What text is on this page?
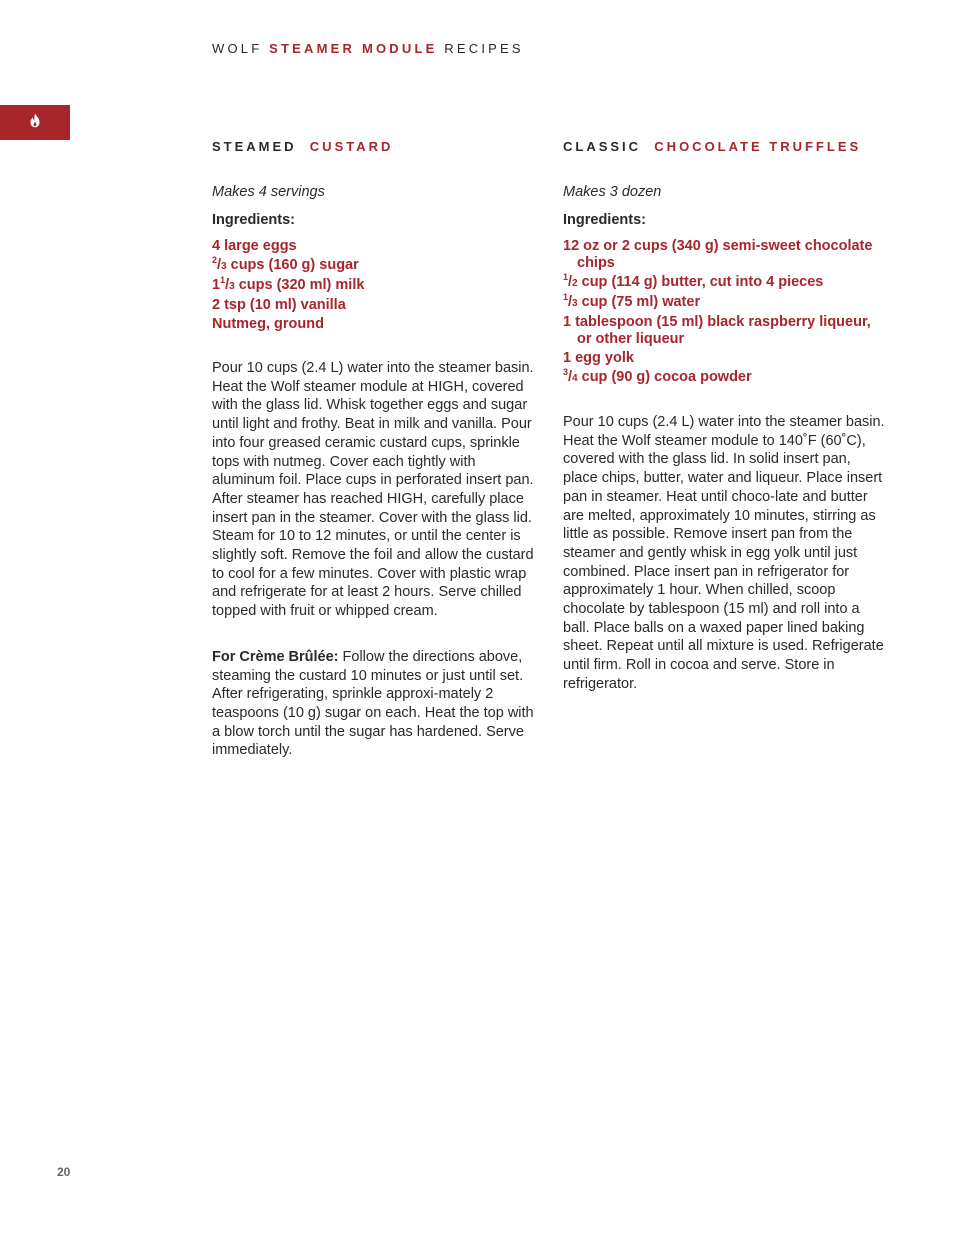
WOLF STEAMER MODULE RECIPES
STEAMED CUSTARD
Makes 4 servings
Ingredients:
4 large eggs
$^2$/3 cups (160 g) sugar
$1^1/3$ cups (320 ml) milk
2 tsp (10 ml) vanilla
Nutmeg, ground

Pour 10 cups (2.4 L) water into the steamer basin. Heat the Wolf steamer module at HIGH, covered with the glass lid. Whisk together eggs and sugar until light and frothy. Beat in milk and vanilla. Pour into four greased ceramic custard cups, sprinkle tops with nutmeg. Cover each tightly with aluminum foil. Place cups in perforated insert pan. After steamer has reached HIGH, carefully place insert pan in the steamer. Cover with the glass lid. Steam for 10 to 12 minutes, or until the center is slightly soft. Remove the foil and allow the custard to cool for a few minutes. Cover with plastic wrap and refrigerate for at least 2 hours. Serve chilled topped with fruit or whipped cream.

For Crème Brûlée: Follow the directions above, steaming the custard 10 minutes or just until set. After refrigerating, sprinkle approxi-mately 2 teaspoons (10 g) sugar on each. Heat the top with a blow torch until the sugar has hardened. Serve immediately.

CLASSIC CHOCOLATE TRUFFLES
Makes 3 dozen
Ingredients:
12 oz or 2 cups (340 g) semi-sweet chocolate chips
$^1$/2 cup (114 g) butter, cut into 4 pieces
$^1$/3 cup (75 ml) water
1 tablespoon (15 ml) black raspberry liqueur, or other liqueur
1 egg yolk
$^3$/4 cup (90 g) cocoa powder

Pour 10 cups (2.4 L) water into the steamer basin. Heat the Wolf steamer module to 140˚F (60˚C), covered with the glass lid. In solid insert pan, place chips, butter, water and liqueur. Place insert pan in steamer. Heat until choco-late and butter are melted, approximately 10 minutes, stirring as little as possible. Remove insert pan from the steamer and gently whisk in egg yolk until just combined. Place insert pan in refrigerator for approximately 1 hour. When chilled, scoop chocolate by tablespoon (15 ml) and roll into a ball. Place balls on a waxed paper lined baking sheet. Repeat until all mixture is used. Refrigerate until firm. Roll in cocoa and serve. Store in refrigerator.

20
